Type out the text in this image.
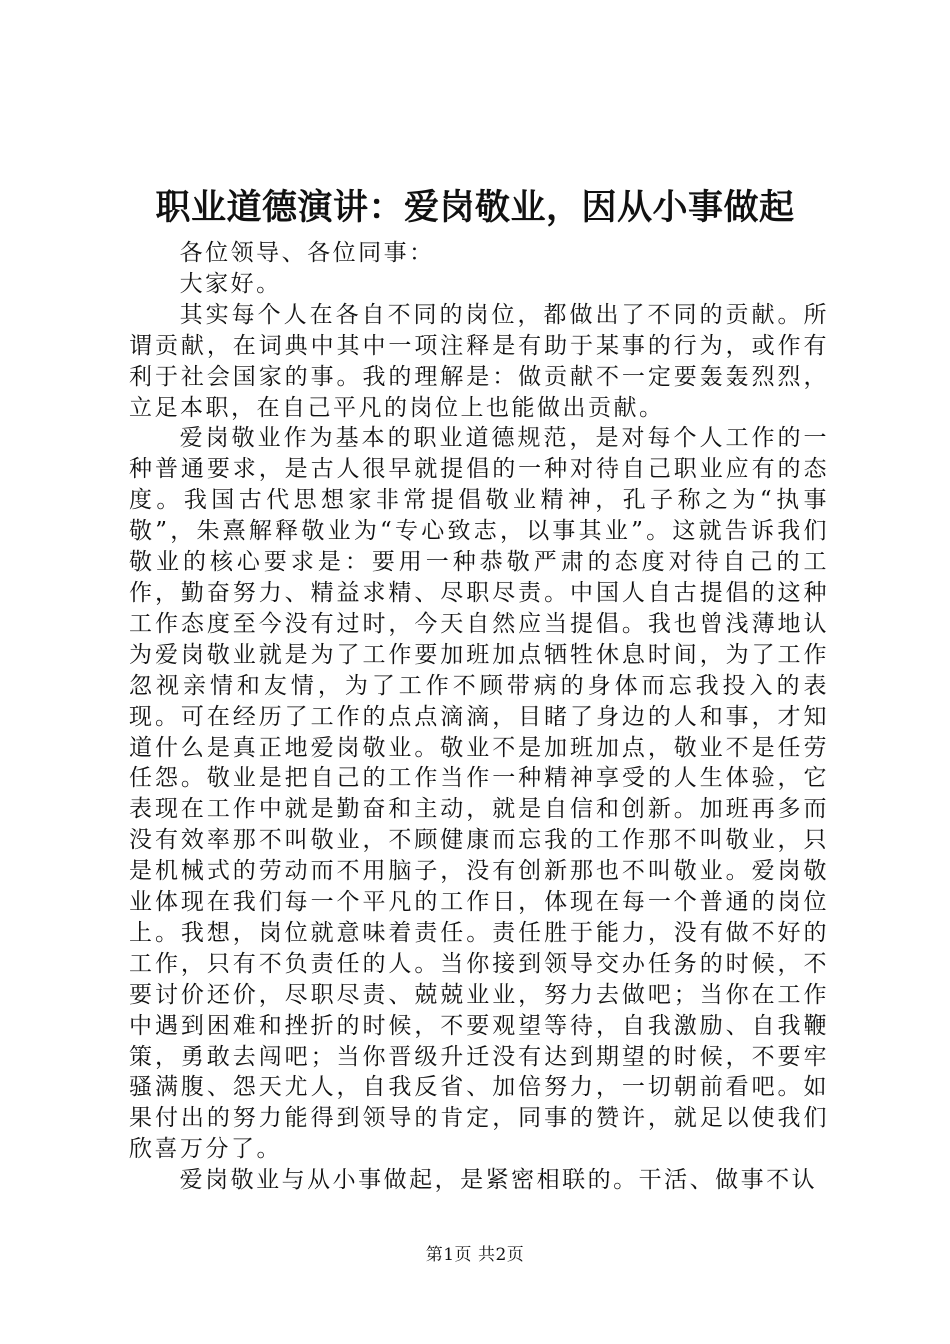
职业道德演讲：爱岗敬业，因从小事做起

各位领导、各位同事：

大家好。

其实每个人在各自不同的岗位，都做出了不同的贡献。所谓贡献，在词典中其中一项注释是有助于某事的行为，或作有利于社会国家的事。我的理解是：做贡献不一定要轰轰烈烈，立足本职，在自己平凡的岗位上也能做出贡献。

爱岗敬业作为基本的职业道德规范，是对每个人工作的一种普通要求，是古人很早就提倡的一种对待自己职业应有的态度。我国古代思想家非常提倡敬业精神，孔子称之为“执事敬”，朱熹解释敬业为“专心致志，以事其业”。这就告诉我们敬业的核心要求是：要用一种恭敬严肃的态度对待自己的工作，勤奋努力、精益求精、尽职尽责。中国人自古提倡的这种工作态度至今没有过时，今天自然应当提倡。我也曾浅薄地认为爱岗敬业就是为了工作要加班加点牺牲休息时间，为了工作忽视亲情和友情，为了工作不顾带病的身体而忘我投入的表现。可在经历了工作的点点滴滴，目睹了身边的人和事，才知道什么是真正地爱岗敬业。敬业不是加班加点，敬业不是任劳任怨。敬业是把自己的工作当作一种精神享受的人生体验，它表现在工作中就是勤奋和主动，就是自信和创新。加班再多而没有效率那不叫敬业，不顾健康而忘我的工作那不叫敬业，只是机械式的劳动而不用脑子，没有创新那也不叫敬业。爱岗敬业体现在我们每一个平凡的工作日，体现在每一个普通的岗位上。我想，岗位就意味着责任。责任胜于能力，没有做不好的工作，只有不负责任的人。当你接到领导交办任务的时候，不要讨价还价，尽职尽责、兢兢业业，努力去做吧；当你在工作中遇到困难和挫折的时候，不要观望等待，自我激励、自我鞭策，勇敢去闯吧；当你晋级升迁没有达到期望的时候，不要牢骚满腹、怨天尤人，自我反省、加倍努力，一切朝前看吧。如果付出的努力能得到领导的肯定，同事的赞许，就足以使我们欣喜万分了。

爱岗敬业与从小事做起，是紧密相联的。干活、做事不认

第1页 共2页
